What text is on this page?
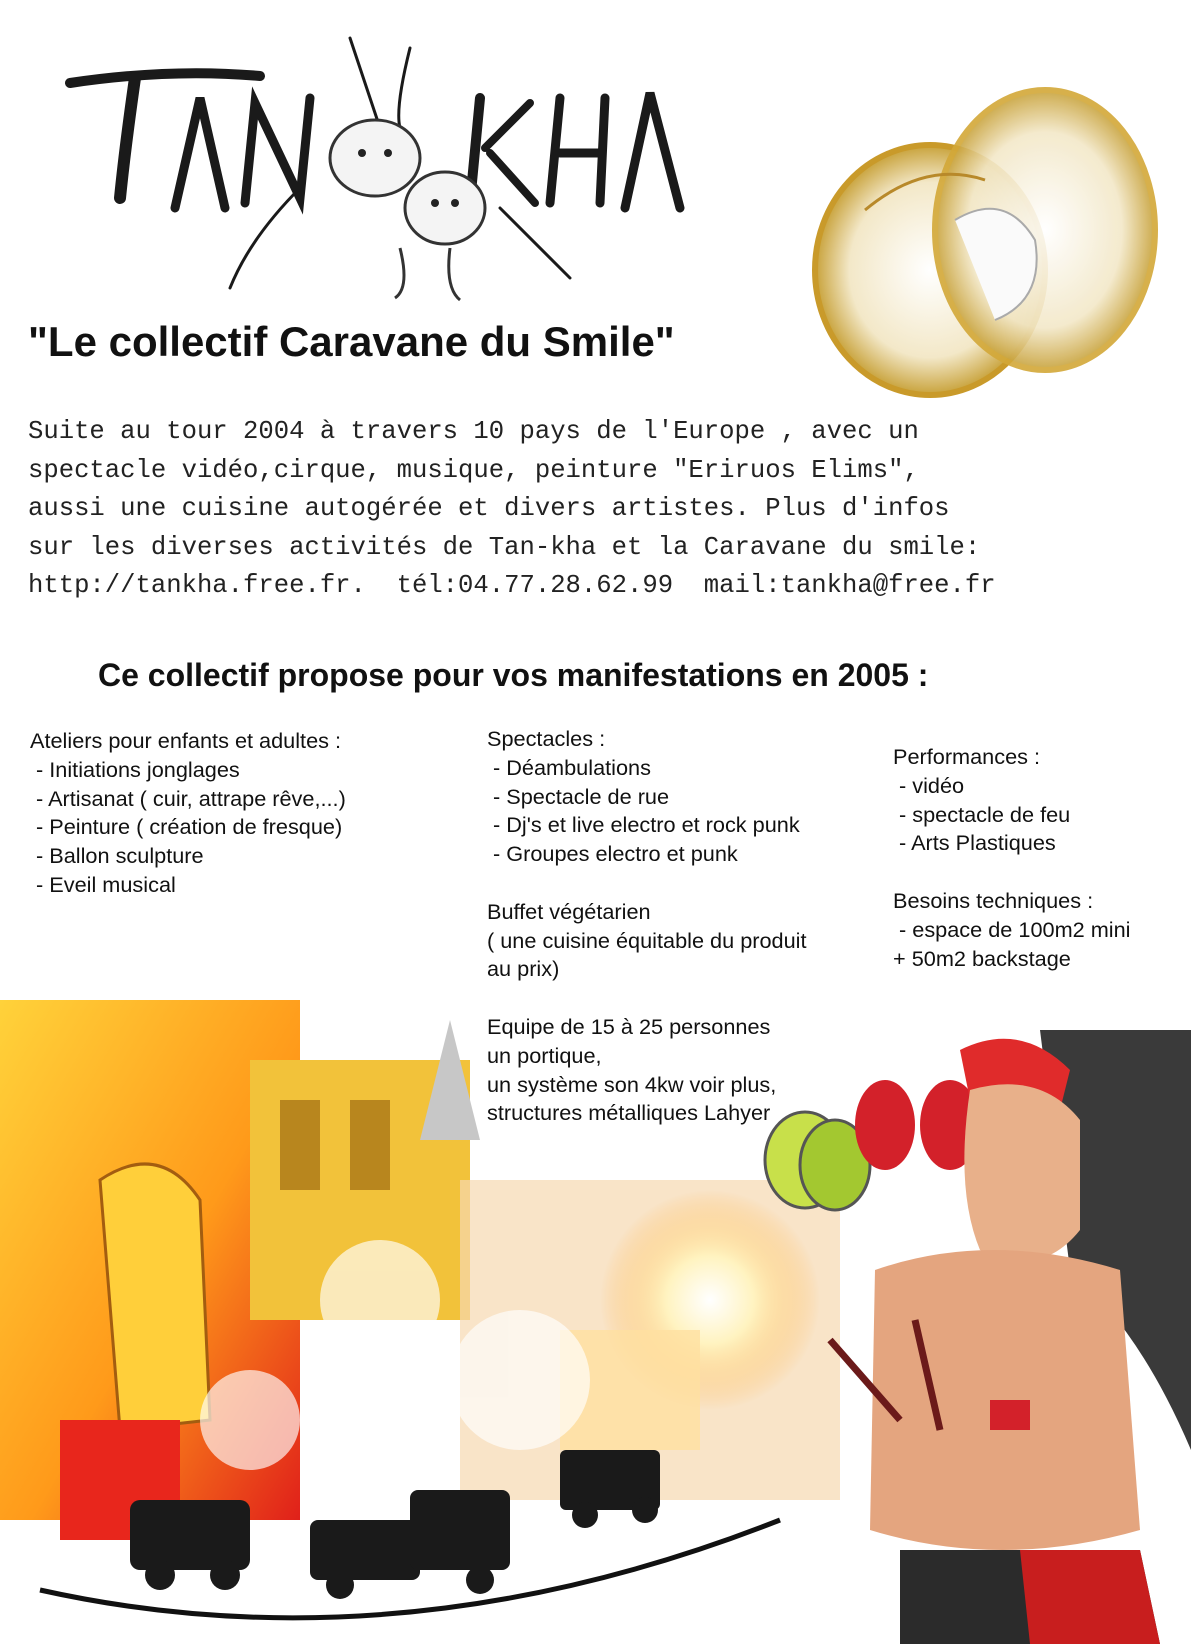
"Le collectif Caravane du Smile"
Suite au tour 2004 à travers 10 pays de l'Europe , avec un
spectacle vidéo,cirque, musique, peinture "Eriruos Elims",
aussi une cuisine autogérée et divers artistes. Plus d'infos
sur les diverses activités de Tan-kha et la Caravane du smile:
http://tankha.free.fr.  tél:04.77.28.62.99  mail:tankha@free.fr
Ce collectif propose pour vos manifestations en 2005 :
Ateliers pour enfants et adultes :
- Initiations jonglages
- Artisanat ( cuir, attrape rêve,...)
- Peinture ( création de fresque)
- Ballon sculpture
- Eveil musical
Spectacles :
- Déambulations
- Spectacle de rue
- Dj's et live electro et rock punk
- Groupes electro et punk
Buffet végétarien
( une cuisine équitable du produit
au prix)
Equipe de 15 à 25 personnes
un portique,
un système son 4kw voir plus,
structures métalliques Lahyer
Performances :
- vidéo
- spectacle de feu
- Arts Plastiques
Besoins techniques :
- espace de 100m2 mini
+ 50m2 backstage
